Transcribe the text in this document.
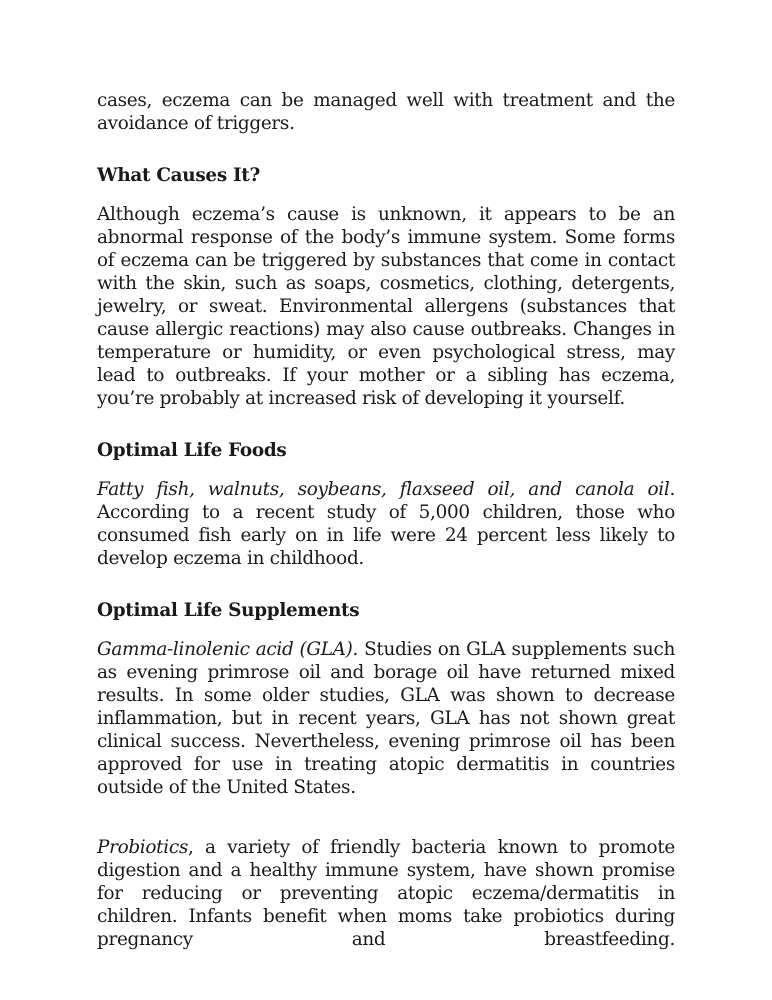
cases, eczema can be managed well with treatment and the avoidance of triggers.

What Causes It?

Although eczema’s cause is unknown, it appears to be an abnormal response of the body’s immune system. Some forms of eczema can be triggered by substances that come in contact with the skin, such as soaps, cosmetics, clothing, detergents, jewelry, or sweat. Environmental allergens (substances that cause allergic reactions) may also cause outbreaks. Changes in temperature or humidity, or even psychological stress, may lead to outbreaks. If your mother or a sibling has eczema, you’re probably at increased risk of developing it yourself.

Optimal Life Foods

Fatty fish, walnuts, soybeans, flaxseed oil, and canola oil. According to a recent study of 5,000 children, those who consumed fish early on in life were 24 percent less likely to develop eczema in childhood.

Optimal Life Supplements

Gamma-linolenic acid (GLA). Studies on GLA supplements such as evening primrose oil and borage oil have returned mixed results. In some older studies, GLA was shown to decrease inflammation, but in recent years, GLA has not shown great clinical success. Nevertheless, evening primrose oil has been approved for use in treating atopic dermatitis in countries outside of the United States.

Probiotics, a variety of friendly bacteria known to promote digestion and a healthy immune system, have shown promise for reducing or preventing atopic eczema/dermatitis in children. Infants benefit when moms take probiotics during pregnancy and breastfeeding.
